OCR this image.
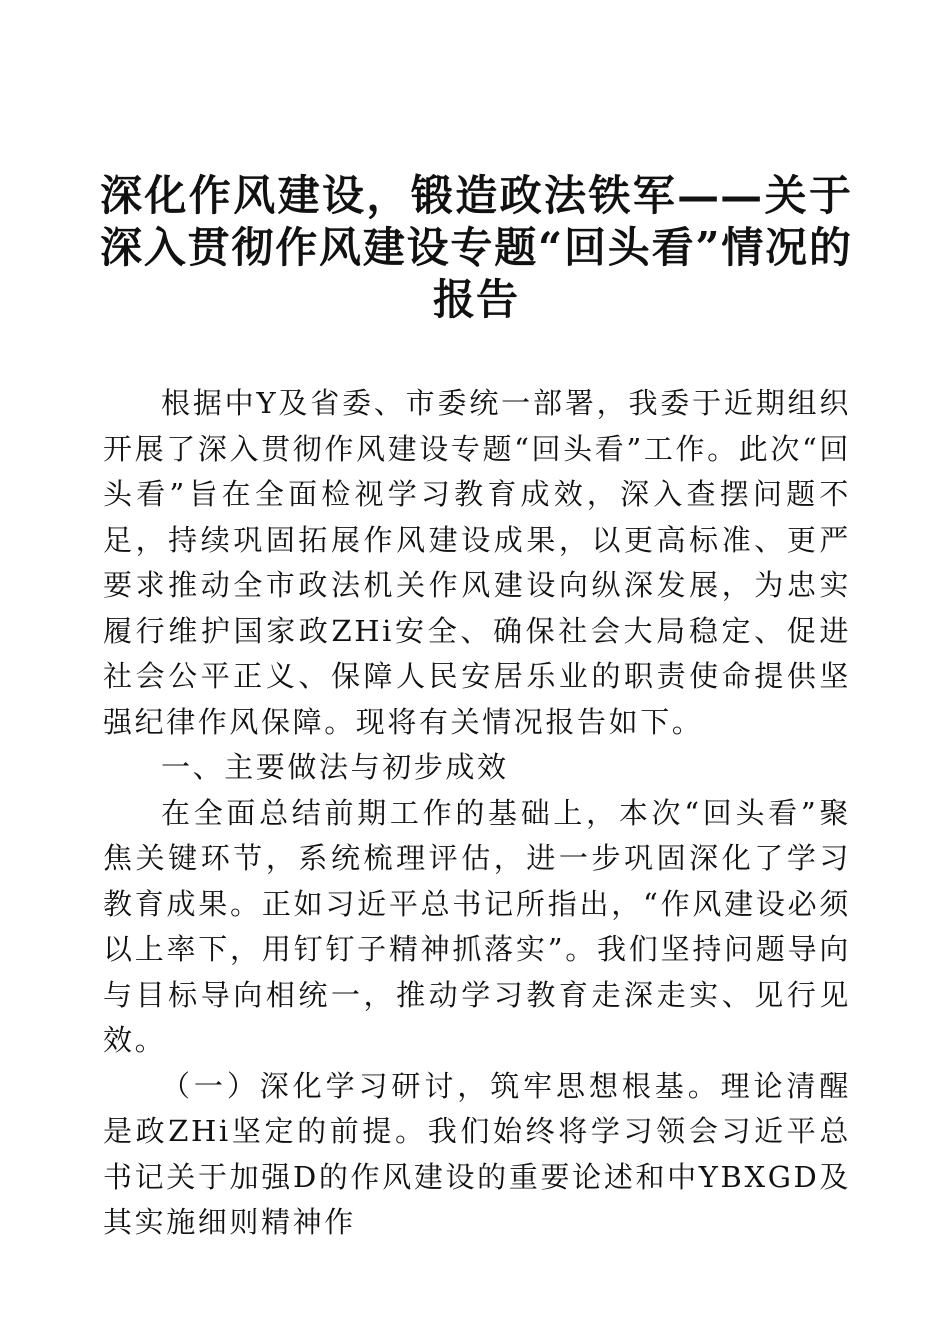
深化作风建设，锻造政法铁军——关于深入贯彻作风建设专题“回头看”情况的报告

根据中Y及省委、市委统一部署，我委于近期组织开展了深入贯彻作风建设专题“回头看”工作。此次“回头看”旨在全面检视学习教育成效，深入查摆问题不足，持续巩固拓展作风建设成果，以更高标准、更严要求推动全市政法机关作风建设向纵深发展，为忠实履行维护国家政ZHi安全、确保社会大局稳定、促进社会公平正义、保障人民安居乐业的职责使命提供坚强纪律作风保障。现将有关情况报告如下。

一、主要做法与初步成效

在全面总结前期工作的基础上，本次“回头看”聚焦关键环节，系统梳理评估，进一步巩固深化了学习教育成果。正如习近平总书记所指出，“作风建设必须以上率下，用钉钉子精神抓落实”。我们坚持问题导向与目标导向相统一，推动学习教育走深走实、见行见效。

（一）深化学习研讨，筑牢思想根基。理论清醒是政ZHi坚定的前提。我们始终将学习领会习近平总书记关于加强D的作风建设的重要论述和中YBXGD及其实施细则精神作
